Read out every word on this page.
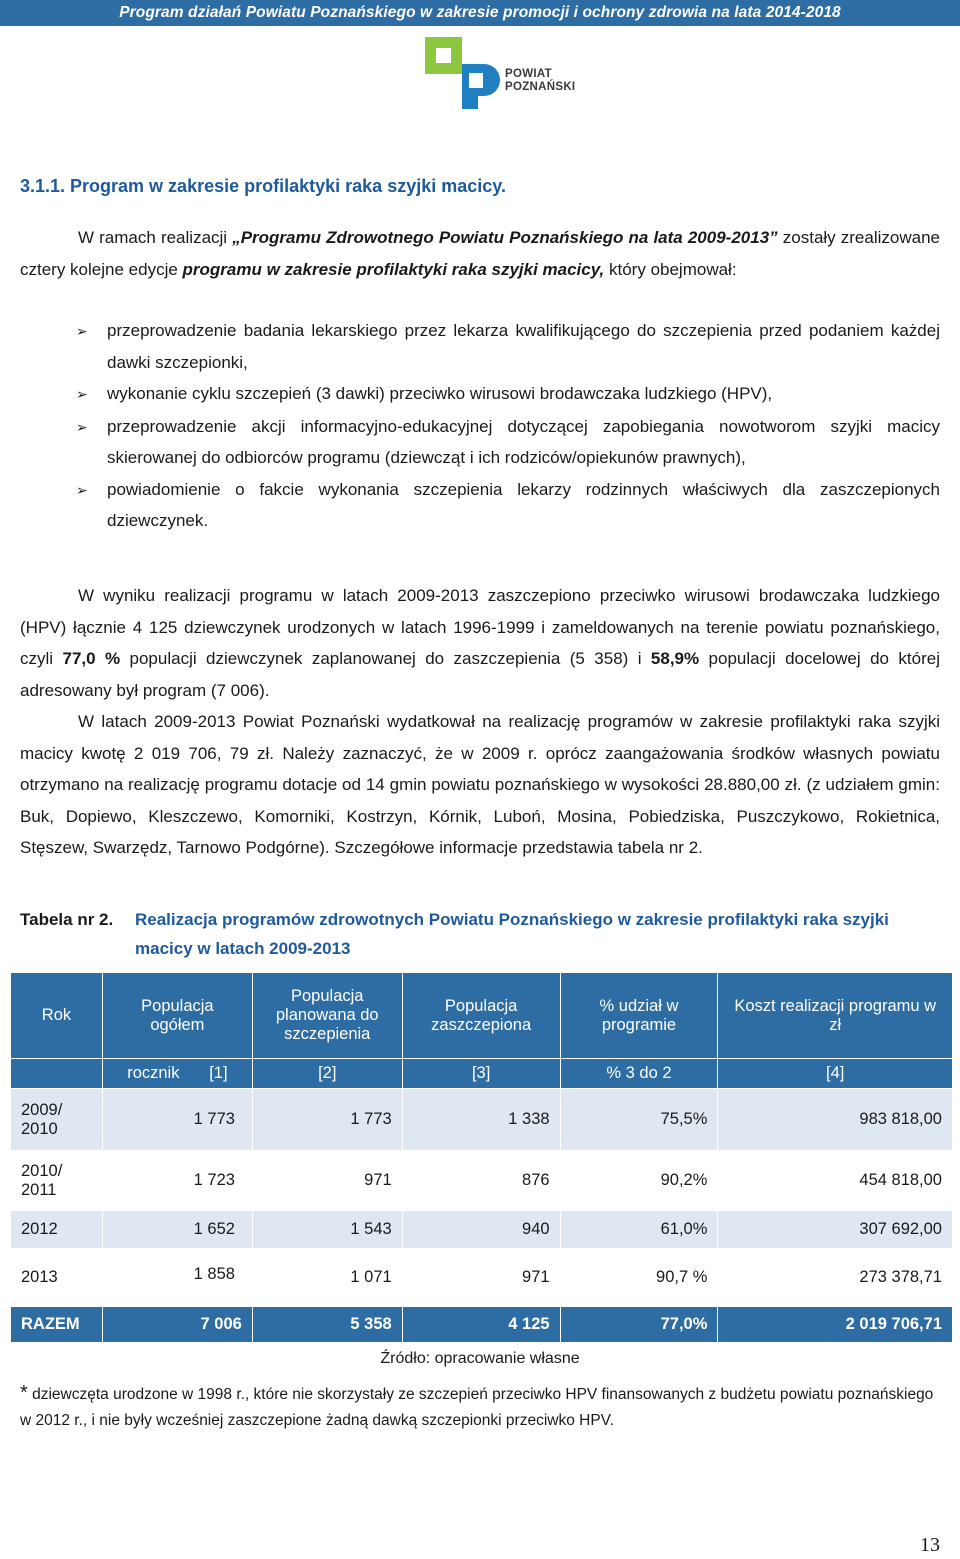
Program działań Powiatu Poznańskiego w zakresie promocji i ochrony zdrowia na lata 2014-2018
POWIAT
POZNAŃSKI
3.1.1. Program w zakresie profilaktyki raka szyjki macicy.
W ramach realizacji „Programu Zdrowotnego Powiatu Poznańskiego na lata 2009-2013” zostały zrealizowane cztery kolejne edycje programu w zakresie profilaktyki raka szyjki macicy, który obejmował:
➢	przeprowadzenie badania lekarskiego przez lekarza kwalifikującego do szczepienia przed podaniem każdej dawki szczepionki,
➢	wykonanie cyklu szczepień (3 dawki) przeciwko wirusowi brodawczaka ludzkiego (HPV),
➢	przeprowadzenie akcji informacyjno-edukacyjnej dotyczącej zapobiegania nowotworom szyjki macicy skierowanej do odbiorców programu (dziewcząt i ich rodziców/opiekunów prawnych),
➢	powiadomienie o fakcie wykonania szczepienia lekarzy rodzinnych właściwych dla zaszczepionych dziewczynek.
W wyniku realizacji programu w latach 2009-2013 zaszczepiono przeciwko wirusowi brodawczaka ludzkiego (HPV) łącznie 4 125 dziewczynek urodzonych w latach 1996-1999 i zameldowanych na terenie powiatu poznańskiego, czyli 77,0 % populacji dziewczynek zaplanowanej do zaszczepienia (5 358) i 58,9% populacji docelowej do której adresowany był program (7 006).
W latach 2009-2013 Powiat Poznański wydatkował na realizację programów w zakresie profilaktyki raka szyjki macicy kwotę 2 019 706, 79 zł. Należy zaznaczyć, że w 2009 r. oprócz zaangażowania środków własnych powiatu otrzymano na realizację programu dotacje od 14 gmin powiatu poznańskiego w wysokości 28.880,00 zł. (z udziałem gmin: Buk, Dopiewo, Kleszczewo, Komorniki, Kostrzyn, Kórnik, Luboń, Mosina, Pobiedziska, Puszczykowo, Rokietnica, Stęszew, Swarzędz, Tarnowo Podgórne). Szczegółowe informacje przedstawia tabela nr 2.
Tabela nr 2.	Realizacja programów zdrowotnych Powiatu Poznańskiego w zakresie profilaktyki raka szyjki macicy w latach 2009-2013
Rok	Populacja ogółem	Populacja planowana do szczepienia	Populacja zaszczepiona	% udział w programie	Koszt realizacji programu w zł
	rocznik [1]	[2]	[3]	% 3 do 2	[4]
2009/ 2010	1 773	1 773	1 338	75,5%	983 818,00
2010/ 2011	1 723	971	876	90,2%	454 818,00
2012	1 652	1 543	940	61,0%	307 692,00
2013	1 858	1 071	971	90,7 %	273 378,71
RAZEM	7 006	5 358	4 125	77,0%	2 019 706,71
Źródło: opracowanie własne
* dziewczęta urodzone w 1998 r., które nie skorzystały ze szczepień przeciwko HPV finansowanych z budżetu powiatu poznańskiego w 2012 r., i nie były wcześniej zaszczepione żadną dawką szczepionki przeciwko HPV.
13
